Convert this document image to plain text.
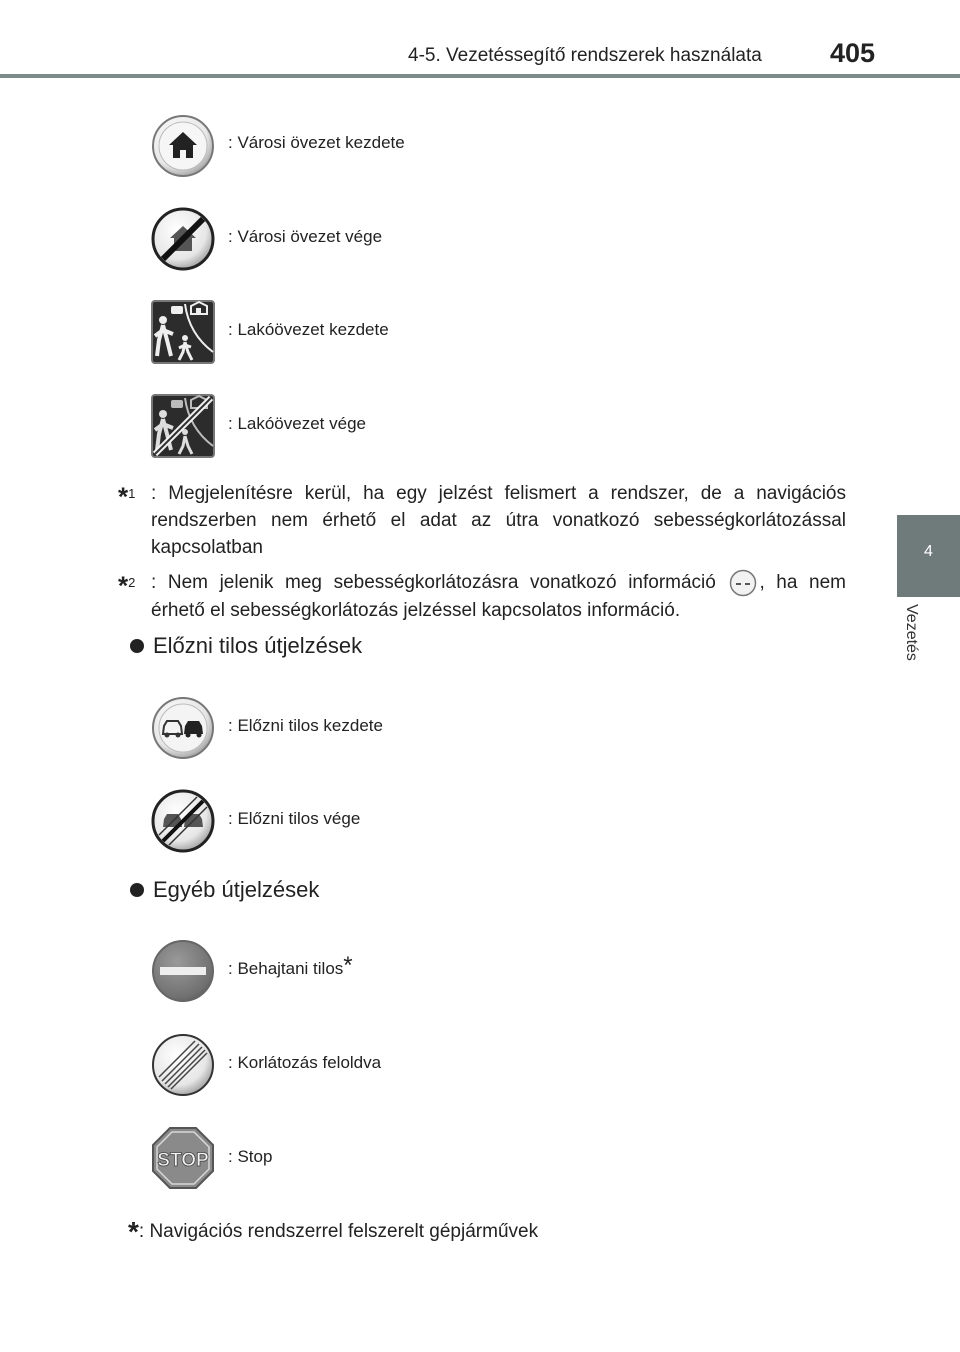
4-5. Vezetéssegítő rendszerek használata	405
4
Vezetés
: Városi övezet kezdete
: Városi övezet vége
: Lakóövezet kezdete
: Lakóövezet vége
*$^1$ : Megjelenítésre kerül, ha egy jelzést felismert a rendszer, de a navigációs rendszerben nem érhető el adat az útra vonatkozó sebességkorlátozással kapcsolatban
*$^2$ : Nem jelenik meg sebességkorlátozásra vonatkozó információ , ha nem érhető el sebességkorlátozás jelzéssel kapcsolatos információ.
Előzni tilos útjelzések
: Előzni tilos kezdete
: Előzni tilos vége
Egyéb útjelzések
: Behajtani tilos*
: Korlátozás feloldva
STOP : Stop
*: Navigációs rendszerrel felszerelt gépjárművek
